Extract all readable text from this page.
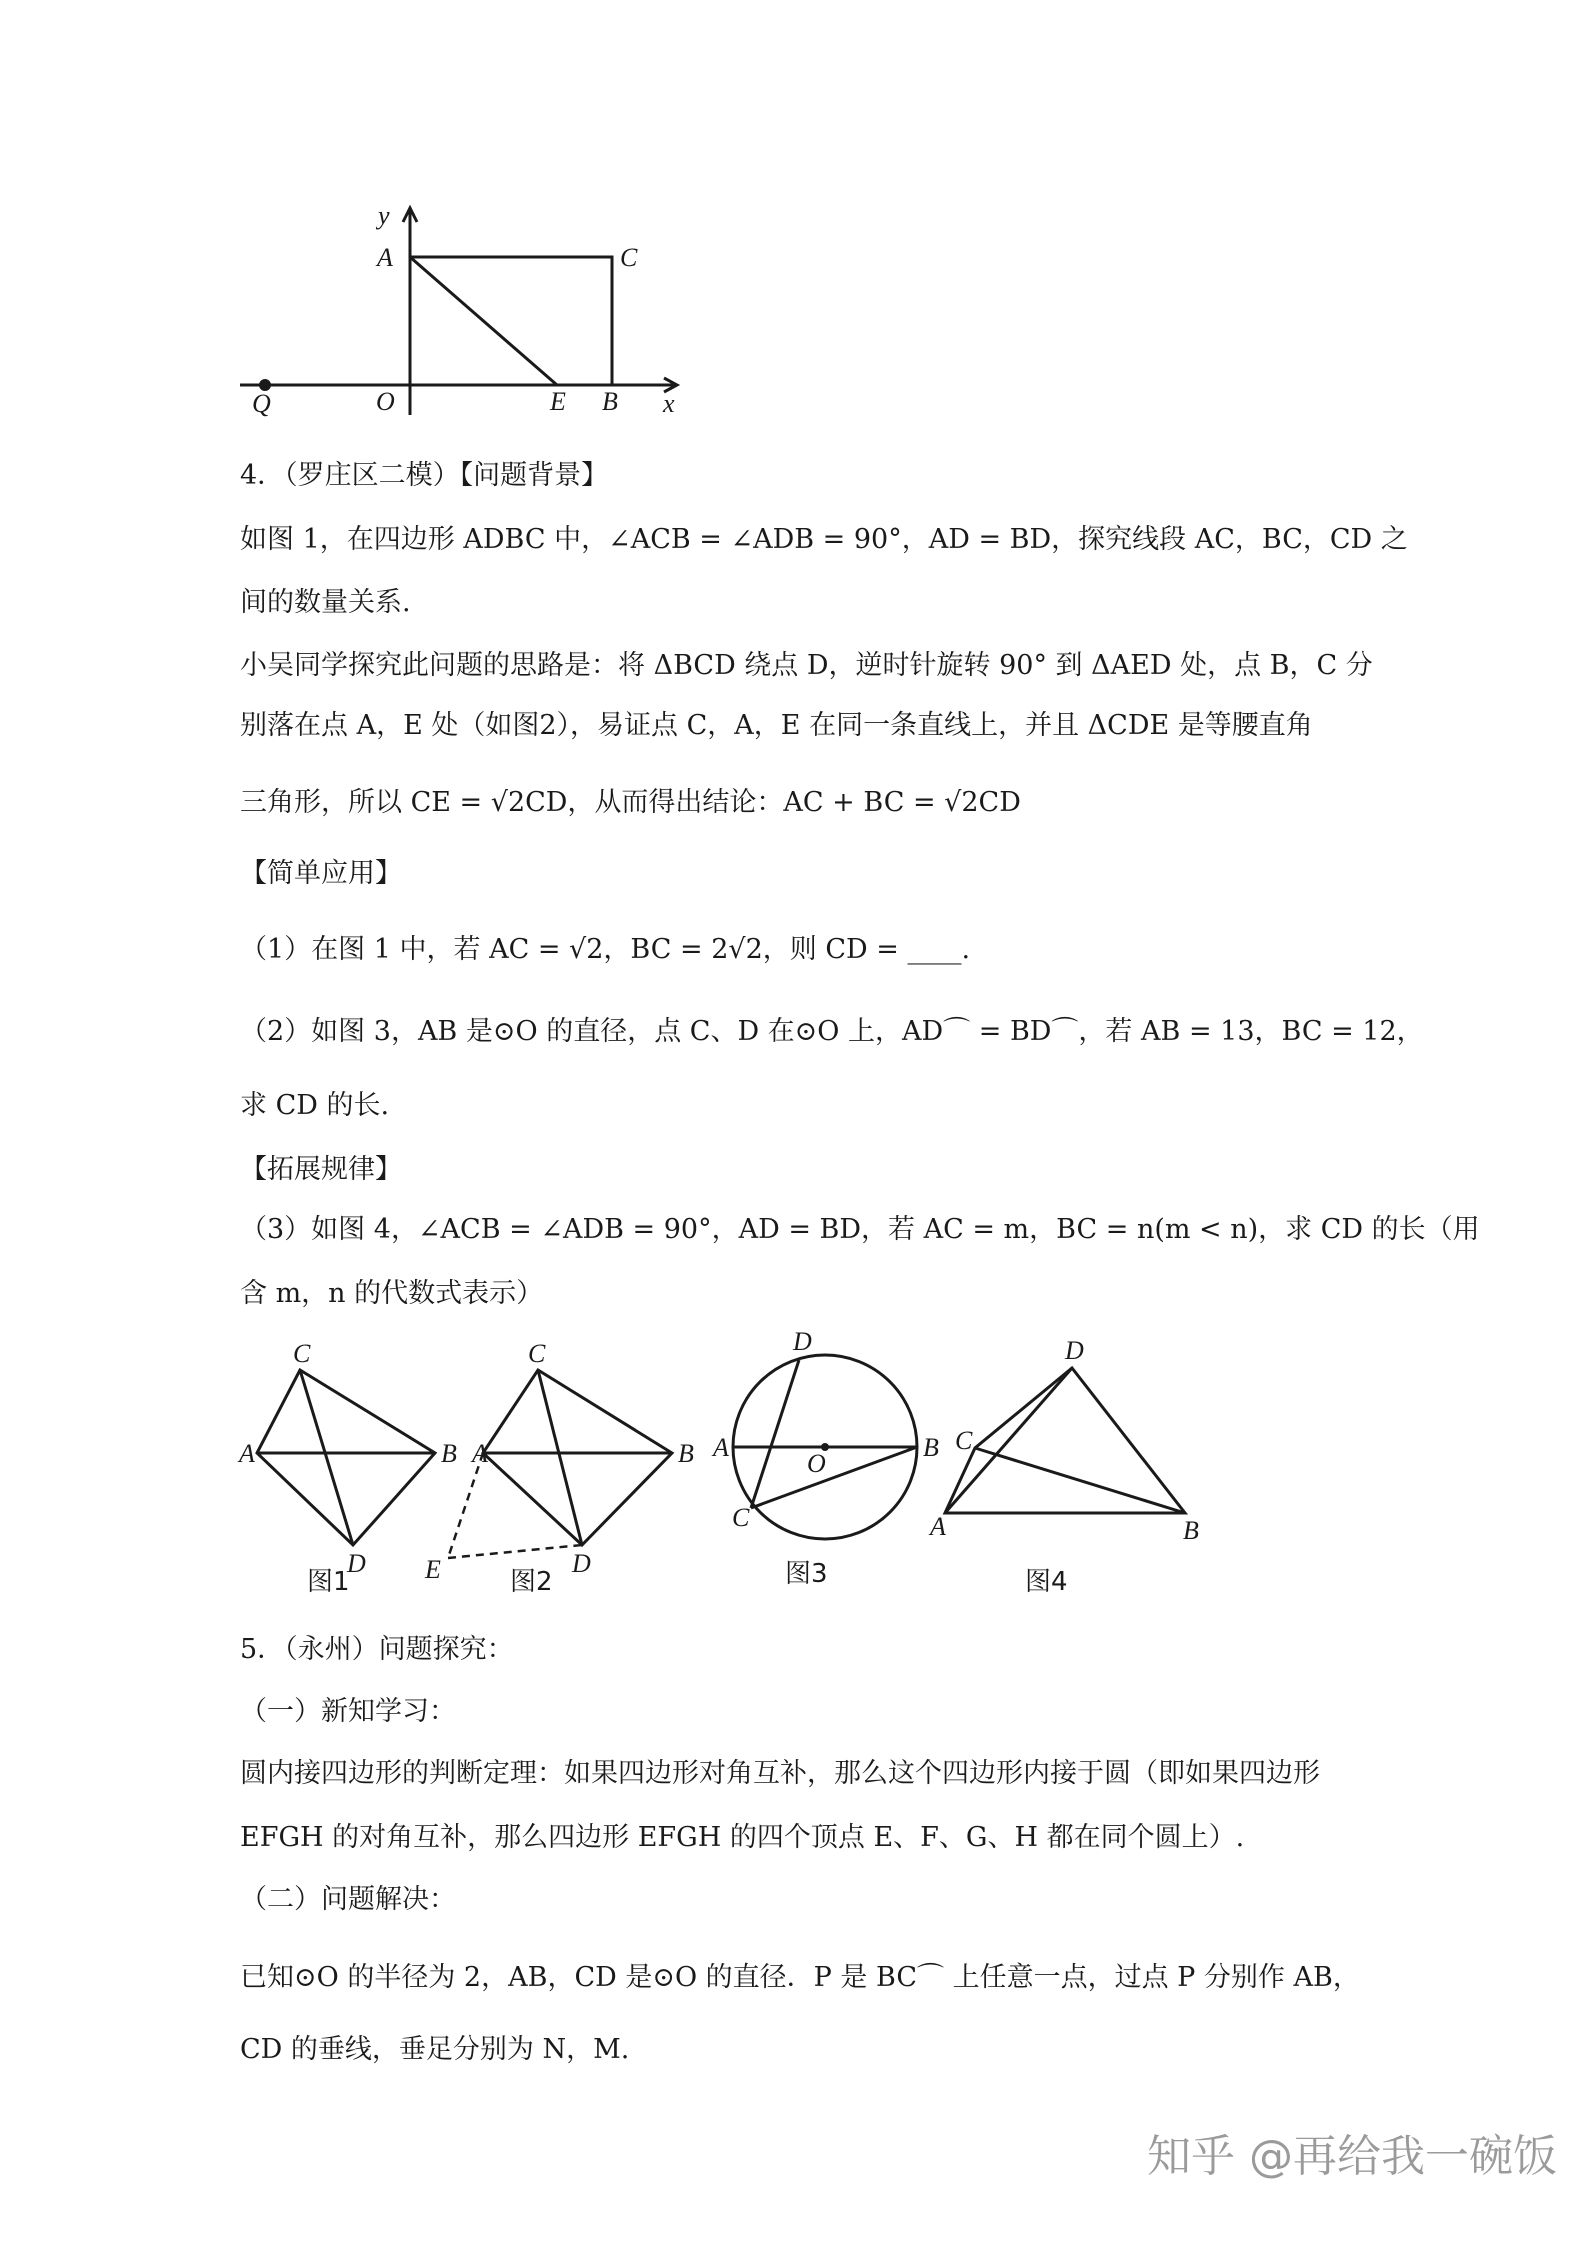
y
A	C
Q	O	E B x
4．（罗庄区二模）【问题背景】
如图 1，在四边形 ADBC 中，∠ACB = ∠ADB = 90°，AD = BD，探究线段 AC，BC，CD 之
间的数量关系.
小吴同学探究此问题的思路是：将 ΔBCD 绕点 D，逆时针旋转 90° 到 ΔAED 处，点 B，C 分
别落在点 A，E 处（如图2），易证点 C，A，E 在同一条直线上，并且 ΔCDE 是等腰直角
三角形，所以 CE = √2CD，从而得出结论：AC + BC = √2CD
【简单应用】
（1）在图 1 中，若 AC = √2，BC = 2√2，则 CD = ____.
（2）如图 3，AB 是⊙O 的直径，点 C、D 在⊙O 上，AD⌒ = BD⌒，若 AB = 13，BC = 12，
求 CD 的长.
【拓展规律】
（3）如图 4，∠ACB = ∠ADB = 90°，AD = BD，若 AC = m，BC = n(m < n)，求 CD 的长（用
含 m，n 的代数式表示）
C
A	B
D
图1
C
A	B
D
E	图2
D
A	B
O
C
图3
D
C
A	B
图4
5．（永州）问题探究：
（一）新知学习：
圆内接四边形的判断定理：如果四边形对角互补，那么这个四边形内接于圆（即如果四边形
EFGH 的对角互补，那么四边形 EFGH 的四个顶点 E、F、G、H 都在同个圆上）.
（二）问题解决：
已知⊙O 的半径为 2，AB，CD 是⊙O 的直径．P 是 BC⌒ 上任意一点，过点 P 分别作 AB，
CD 的垂线，垂足分别为 N，M.
知乎 @再给我一碗饭
